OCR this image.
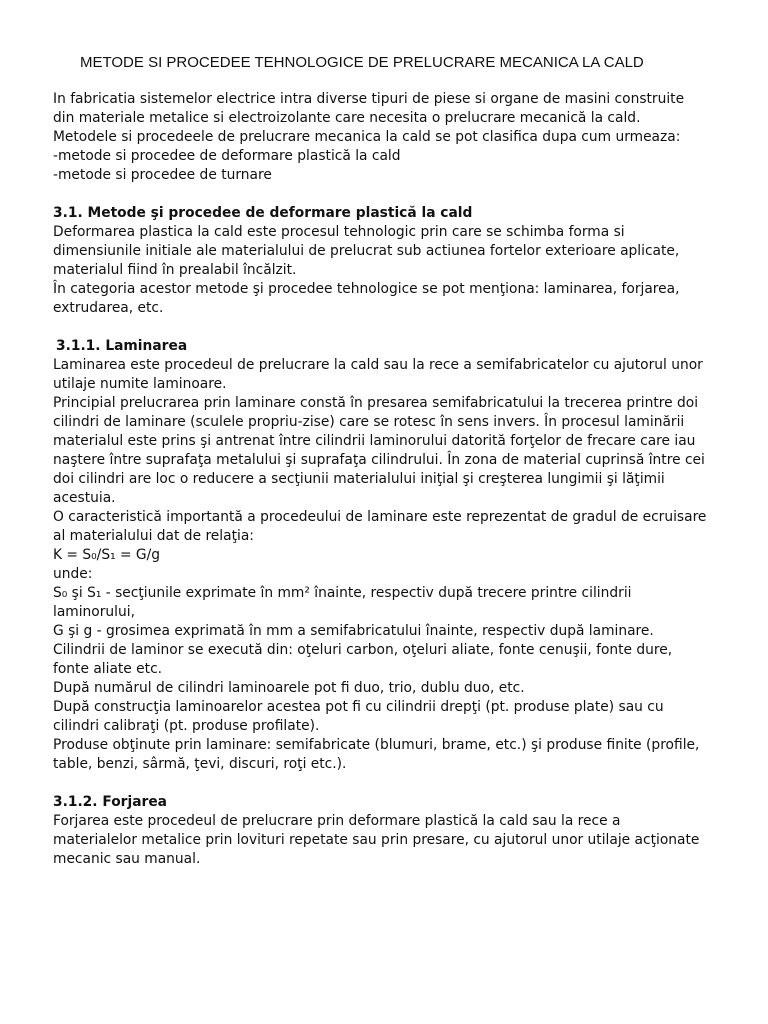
METODE SI PROCEDEE TEHNOLOGICE DE PRELUCRARE MECANICA LA CALD

In fabricatia sistemelor electrice intra diverse tipuri de piese si organe de masini construite din materiale metalice si electroizolante care necesita o prelucrare mecanică la cald.

Metodele si procedeele de prelucrare mecanica la cald se pot clasifica dupa cum urmeaza:

-metode si procedee de deformare plastică la cald

-metode si procedee de turnare

3.1. Metode şi procedee de deformare plastică la cald

Deformarea plastica la cald este procesul tehnologic prin care se schimba forma si dimensiunile initiale ale materialului de prelucrat sub actiunea fortelor exterioare aplicate, materialul fiind în prealabil încălzit.

În categoria acestor metode şi procedee tehnologice se pot menţiona: laminarea, forjarea, extrudarea, etc.

3.1.1. Laminarea

Laminarea este procedeul de prelucrare la cald sau la rece a semifabricatelor cu ajutorul unor utilaje numite laminoare.

Principial prelucrarea prin laminare constă în presarea semifabricatului la trecerea printre doi cilindri de laminare (sculele propriu-zise) care se rotesc în sens invers. În procesul laminării materialul este prins şi antrenat între cilindrii laminorului datorită forţelor de frecare care iau naştere între suprafaţa metalului şi suprafaţa cilindrului. În zona de material cuprinsă între cei doi cilindri are loc o reducere a secţiunii materialului iniţial şi creşterea lungimii şi lăţimii acestuia.

O caracteristică importantă a procedeului de laminare este reprezentat de gradul de ecruisare al materialului dat de relaţia:

K = S₀/S₁ = G/g

unde:

S₀ şi S₁ - secţiunile exprimate în mm² înainte, respectiv după trecere printre cilindrii laminorului,

G şi g - grosimea exprimată în mm a semifabricatului înainte, respectiv după laminare.

Cilindrii de laminor se execută din: oţeluri carbon, oţeluri aliate, fonte cenuşii, fonte dure, fonte aliate etc.

După numărul de cilindri laminoarele pot fi duo, trio, dublu duo, etc.

După construcţia laminoarelor acestea pot fi cu cilindrii drepţi (pt. produse plate) sau cu cilindri calibraţi (pt. produse profilate).

Produse obţinute prin laminare: semifabricate (blumuri, brame, etc.) şi produse finite (profile, table, benzi, sârmă, ţevi, discuri, roţi etc.).

3.1.2. Forjarea

Forjarea este procedeul de prelucrare prin deformare plastică la cald sau la rece a materialelor metalice prin lovituri repetate sau prin presare, cu ajutorul unor utilaje acţionate mecanic sau manual.
